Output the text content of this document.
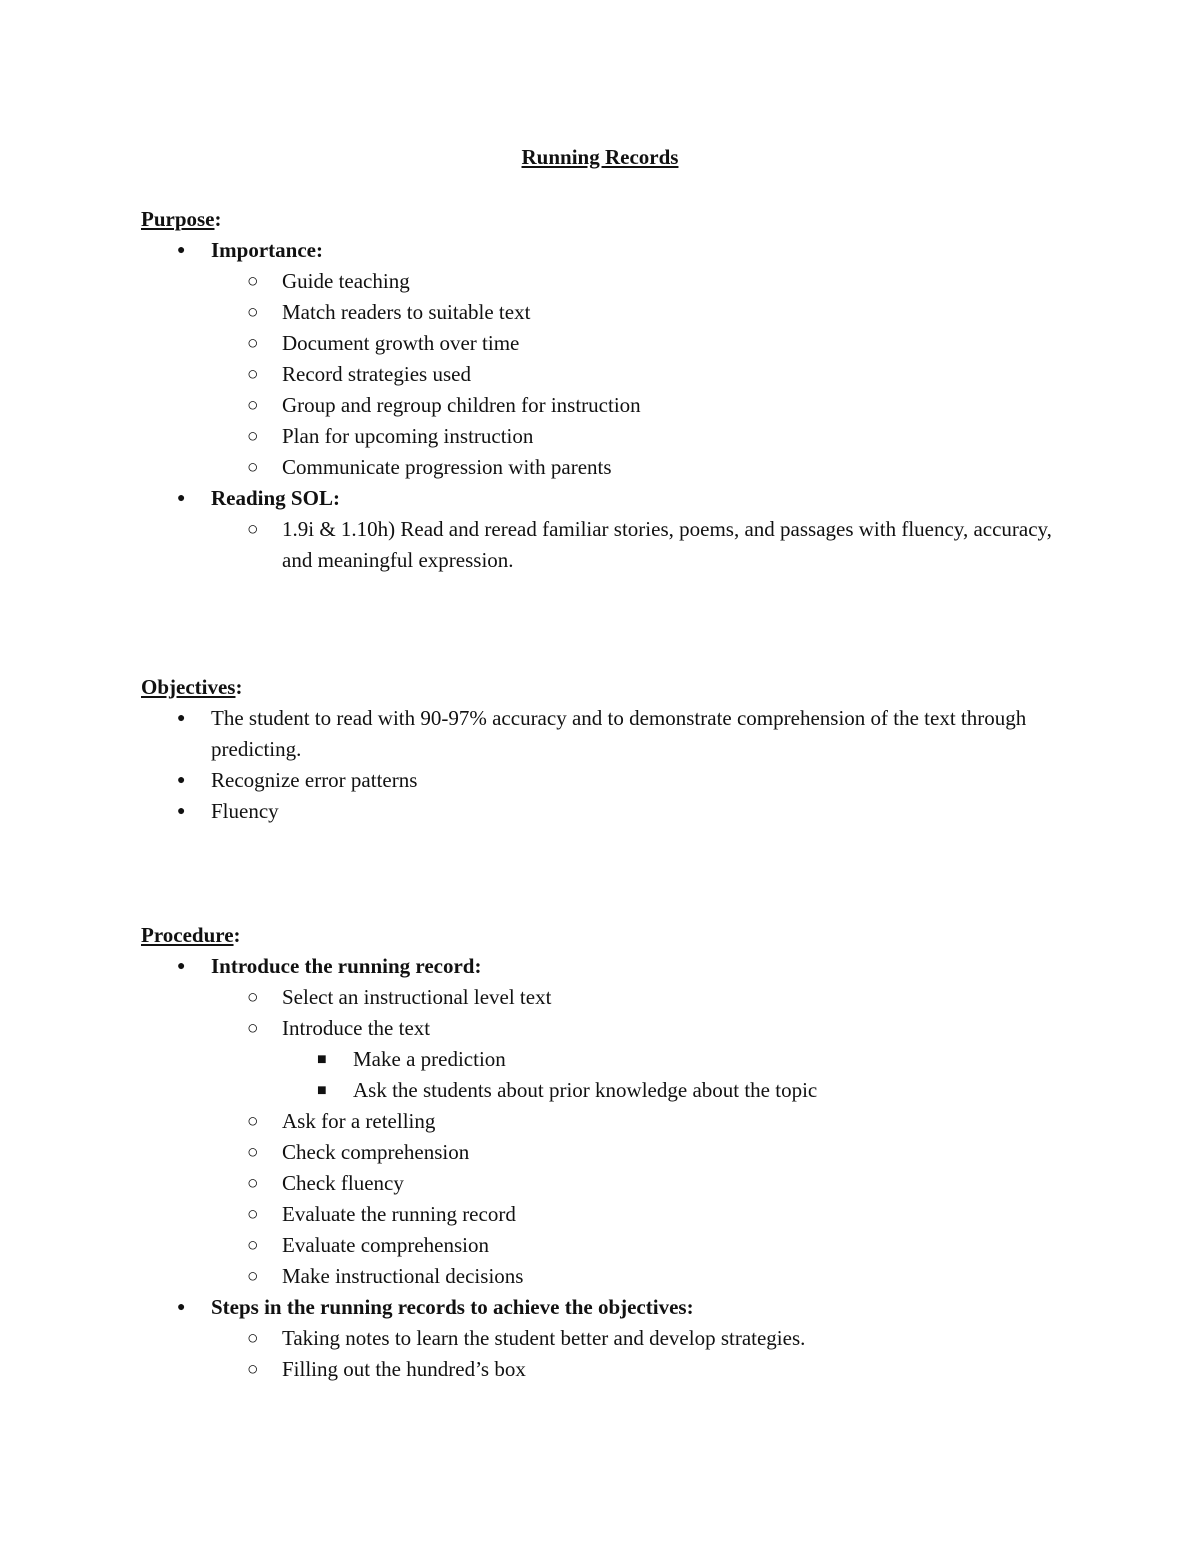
Running Records
Purpose:
● Importance:
○ Guide teaching
○ Match readers to suitable text
○ Document growth over time
○ Record strategies used
○ Group and regroup children for instruction
○ Plan for upcoming instruction
○ Communicate progression with parents
● Reading SOL:
○ 1.9i & 1.10h) Read and reread familiar stories, poems, and passages with fluency, accuracy, and meaningful expression.
Objectives:
● The student to read with 90-97% accuracy and to demonstrate comprehension of the text through predicting.
● Recognize error patterns
● Fluency
Procedure:
● Introduce the running record:
○ Select an instructional level text
○ Introduce the text
■ Make a prediction
■ Ask the students about prior knowledge about the topic
○ Ask for a retelling
○ Check comprehension
○ Check fluency
○ Evaluate the running record
○ Evaluate comprehension
○ Make instructional decisions
● Steps in the running records to achieve the objectives:
○ Taking notes to learn the student better and develop strategies.
○ Filling out the hundred’s box
